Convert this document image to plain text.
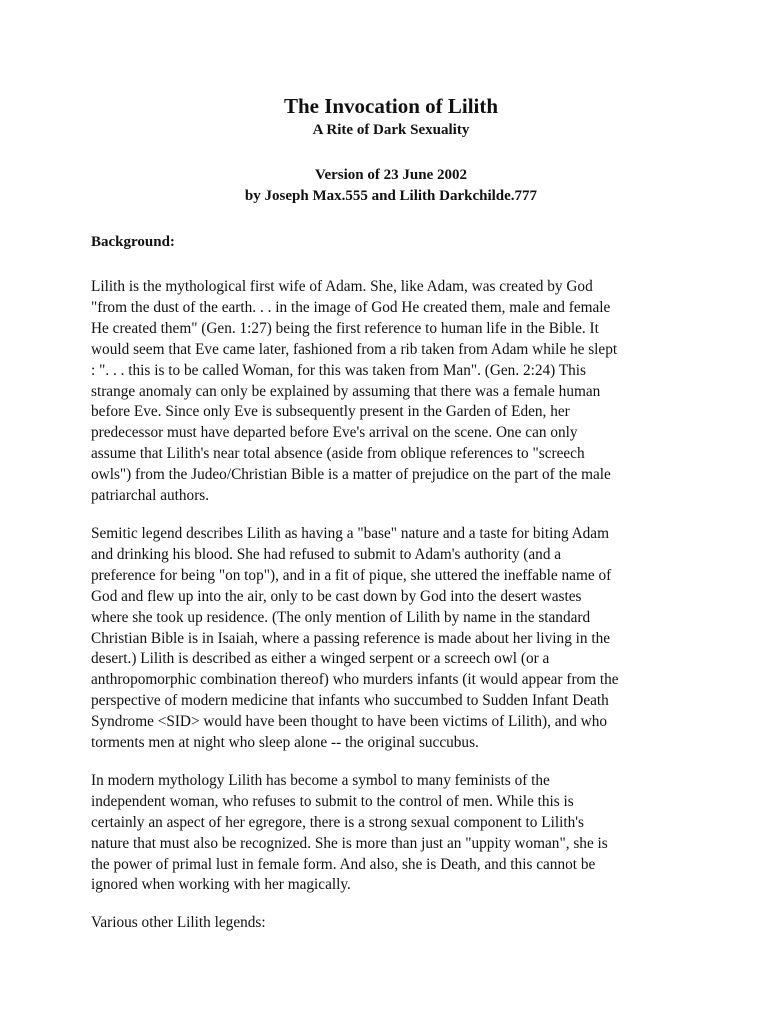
The Invocation of Lilith
A Rite of Dark Sexuality
Version of 23 June 2002
by Joseph Max.555 and Lilith Darkchilde.777
Background:
Lilith is the mythological first wife of Adam. She, like Adam, was created by God
"from the dust of the earth. . . in the image of God He created them, male and female
He created them" (Gen. 1:27) being the first reference to human life in the Bible. It
would seem that Eve came later, fashioned from a rib taken from Adam while he slept
: ". . . this is to be called Woman, for this was taken from Man". (Gen. 2:24) This
strange anomaly can only be explained by assuming that there was a female human
before Eve. Since only Eve is subsequently present in the Garden of Eden, her
predecessor must have departed before Eve's arrival on the scene. One can only
assume that Lilith's near total absence (aside from oblique references to "screech
owls") from the Judeo/Christian Bible is a matter of prejudice on the part of the male
patriarchal authors.
Semitic legend describes Lilith as having a "base" nature and a taste for biting Adam
and drinking his blood. She had refused to submit to Adam's authority (and a
preference for being "on top"), and in a fit of pique, she uttered the ineffable name of
God and flew up into the air, only to be cast down by God into the desert wastes
where she took up residence. (The only mention of Lilith by name in the standard
Christian Bible is in Isaiah, where a passing reference is made about her living in the
desert.) Lilith is described as either a winged serpent or a screech owl (or a
anthropomorphic combination thereof) who murders infants (it would appear from the
perspective of modern medicine that infants who succumbed to Sudden Infant Death
Syndrome <SID> would have been thought to have been victims of Lilith), and who
torments men at night who sleep alone -- the original succubus.
In modern mythology Lilith has become a symbol to many feminists of the
independent woman, who refuses to submit to the control of men. While this is
certainly an aspect of her egregore, there is a strong sexual component to Lilith's
nature that must also be recognized. She is more than just an "uppity woman", she is
the power of primal lust in female form. And also, she is Death, and this cannot be
ignored when working with her magically.
Various other Lilith legends:
